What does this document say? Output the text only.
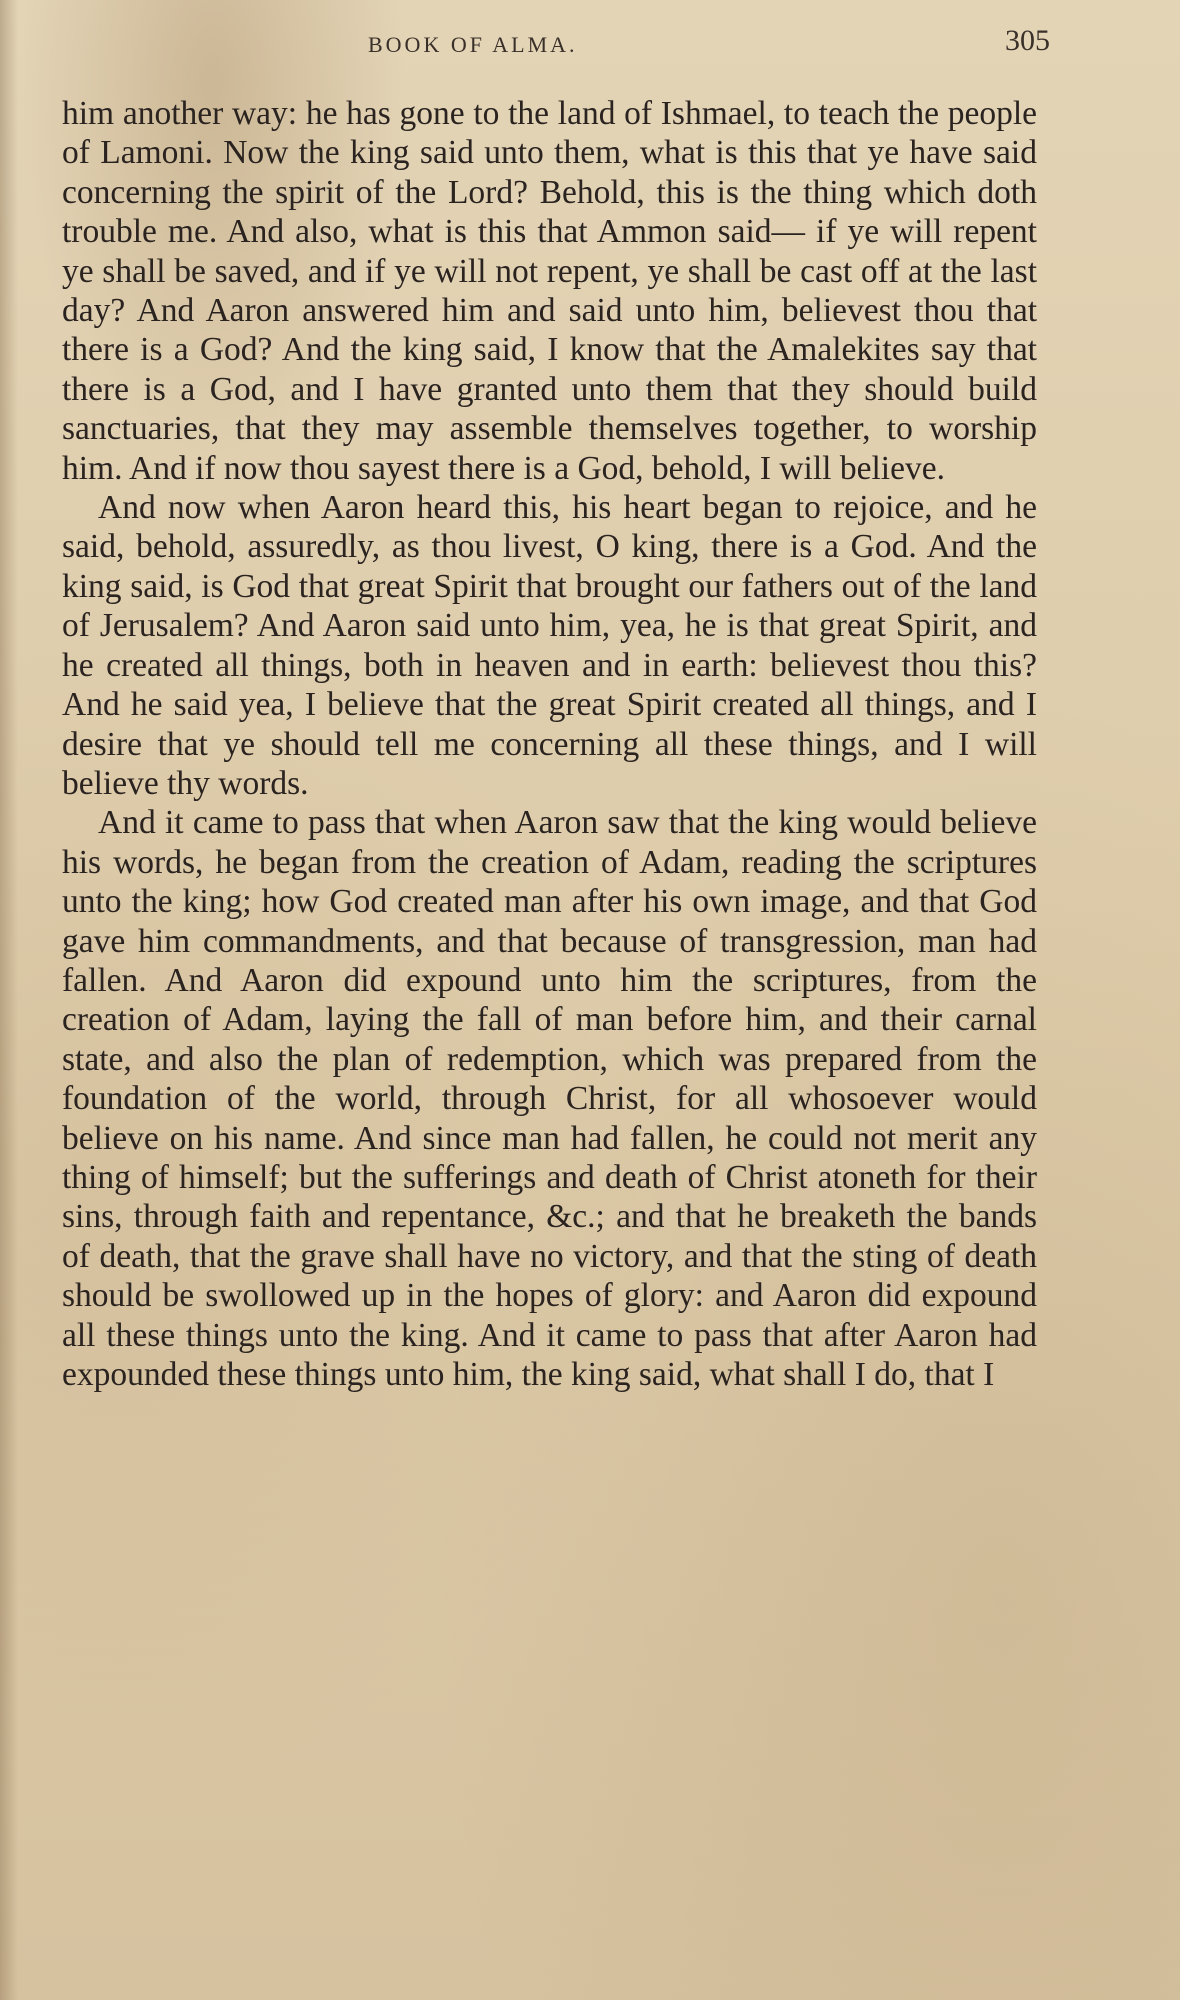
BOOK OF ALMA.	305

him another way: he has gone to the land of Ishmael, to teach the people of Lamoni. Now the king said unto them, what is this that ye have said concerning the spirit of the Lord? Behold, this is the thing which doth trouble me. And also, what is this that Ammon said— if ye will repent ye shall be saved, and if ye will not repent, ye shall be cast off at the last day? And Aaron answered him and said unto him, believest thou that there is a God? And the king said, I know that the Amalekites say that there is a God, and I have granted unto them that they should build sanctuaries, that they may assemble themselves together, to worship him. And if now thou sayest there is a God, behold, I will believe.

And now when Aaron heard this, his heart began to rejoice, and he said, behold, assuredly, as thou livest, O king, there is a God. And the king said, is God that great Spirit that brought our fathers out of the land of Jerusalem? And Aaron said unto him, yea, he is that great Spirit, and he created all things, both in heaven and in earth: believest thou this? And he said yea, I believe that the great Spirit created all things, and I desire that ye should tell me concerning all these things, and I will believe thy words.

And it came to pass that when Aaron saw that the king would believe his words, he began from the creation of Adam, reading the scriptures unto the king; how God created man after his own image, and that God gave him commandments, and that because of transgression, man had fallen. And Aaron did expound unto him the scriptures, from the creation of Adam, laying the fall of man before him, and their carnal state, and also the plan of redemption, which was prepared from the foundation of the world, through Christ, for all whosoever would believe on his name. And since man had fallen, he could not merit any thing of himself; but the sufferings and death of Christ atoneth for their sins, through faith and repentance, &c.; and that he breaketh the bands of death, that the grave shall have no victory, and that the sting of death should be swollowed up in the hopes of glory: and Aaron did expound all these things unto the king. And it came to pass that after Aaron had expounded these things unto him, the king said, what shall I do, that I
